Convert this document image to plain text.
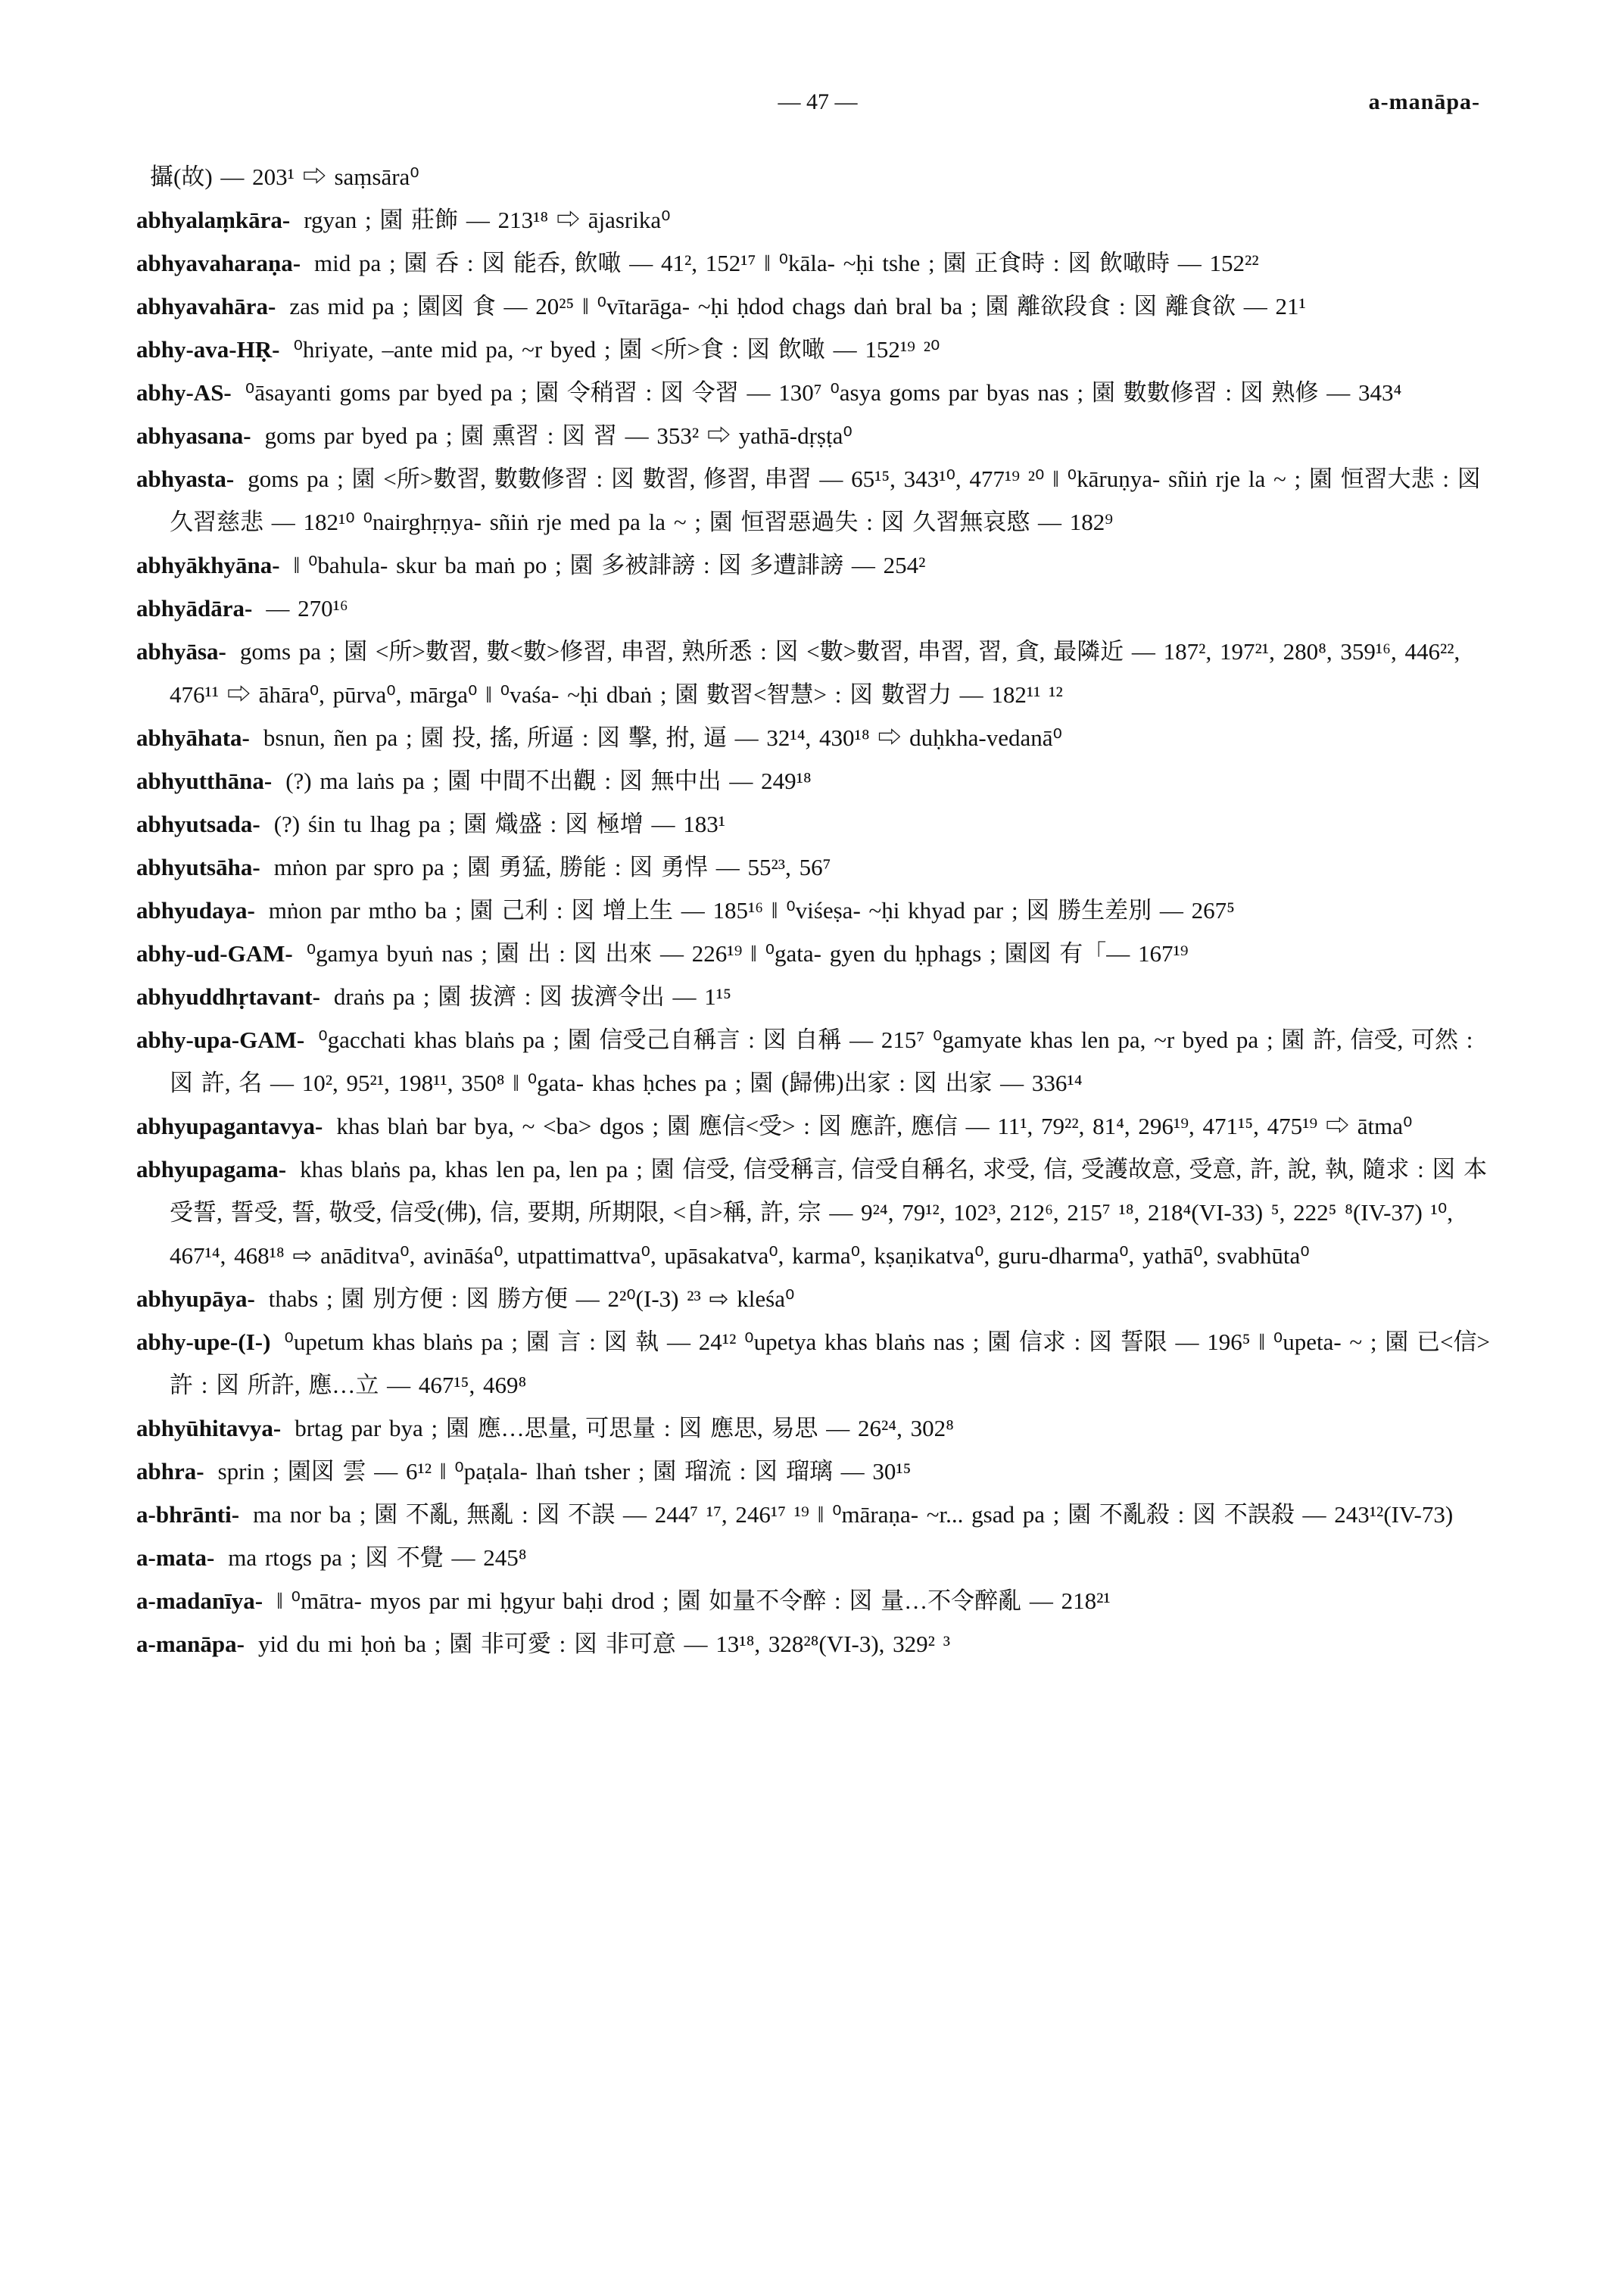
— 47 —	a-manāpa-
攝(故) — 203¹ ⇨ saṃsāra⁰
abhyalaṃkāra- rgyan ; 園 莊飾 — 213¹⁸ ⇨ ājasrika⁰
abhyavaharaṇa- mid pa ; 園 呑 : 図 能呑, 飲噉 — 41², 152¹⁷ ‖ ⁰kāla- ~ḥi tshe ; 園 正食時 : 図 飲噉時 — 152²²
abhyavahāra- zas mid pa ; 園図 食 — 20²⁵ ‖ ⁰vītarāga- ~ḥi ḥdod chags daṅ bral ba ; 園 離欲段食 : 図 離食欲 — 21¹
abhy-ava-HṚ- ⁰hriyate, –ante mid pa, ~r byed ; 園 <所>食 : 図 飲噉 — 152¹⁹ ²⁰
abhy-AS- ⁰āsayanti goms par byed pa ; 園 令稍習 : 図 令習 — 130⁷ ⁰asya goms par byas nas ; 園 數數修習 : 図 熟修 — 343⁴
abhyasana- goms par byed pa ; 園 熏習 : 図 習 — 353² ⇨ yathā-dṛṣṭa⁰
abhyasta- goms pa ; 園 <所>數習, 數數修習 : 図 數習, 修習, 串習 — 65¹⁵, 343¹⁰, 477¹⁹ ²⁰ ‖ ⁰kāruṇya- sñiṅ rje la ~ ; 園 恒習大悲 : 図 久習慈悲 — 182¹⁰ ⁰nairghṛṇya- sñiṅ rje med pa la ~ ; 園 恒習惡過失 : 図 久習無哀愍 — 182⁹
abhyākhyāna- ‖ ⁰bahula- skur ba maṅ po ; 園 多被誹謗 : 図 多遭誹謗 — 254²
abhyādāra- — 270¹⁶
abhyāsa- goms pa ; 園 <所>數習, 數<數>修習, 串習, 熟所悉 : 図 <數>數習, 串習, 習, 貪, 最隣近 — 187², 197²¹, 280⁸, 359¹⁶, 446²², 476¹¹ ⇨ āhāra⁰, pūrva⁰, mārga⁰ ‖ ⁰vaśa- ~ḥi dbaṅ ; 園 數習<智慧> : 図 數習力 — 182¹¹ ¹²
abhyāhata- bsnun, ñen pa ; 園 投, 搖, 所逼 : 図 擊, 拊, 逼 — 32¹⁴, 430¹⁸ ⇨ duḥkha-vedanā⁰
abhyutthāna- (?) ma laṅs pa ; 園 中間不出觀 : 図 無中出 — 249¹⁸
abhyutsada- (?) śin tu lhag pa ; 園 熾盛 : 図 極增 — 183¹
abhyutsāha- mṅon par spro pa ; 園 勇猛, 勝能 : 図 勇悍 — 55²³, 56⁷
abhyudaya- mṅon par mtho ba ; 園 己利 : 図 增上生 — 185¹⁶ ‖ ⁰viśeṣa- ~ḥi khyad par ; 図 勝生差別 — 267⁵
abhy-ud-GAM- ⁰gamya byuṅ nas ; 園 出 : 図 出來 — 226¹⁹ ‖ ⁰gata- gyen du ḥphags ; 園図 有「— 167¹⁹
abhyuddhṛtavant- draṅs pa ; 園 拔濟 : 図 拔濟令出 — 1¹⁵
abhy-upa-GAM- ⁰gacchati khas blaṅs pa ; 園 信受己自稱言 : 図 自稱 — 215⁷ ⁰gamyate khas len pa, ~r byed pa ; 園 許, 信受, 可然 : 図 許, 名 — 10², 95²¹, 198¹¹, 350⁸ ‖ ⁰gata- khas ḥches pa ; 園 (歸佛)出家 : 図 出家 — 336¹⁴
abhyupagantavya- khas blaṅ bar bya, ~ <ba> dgos ; 園 應信<受> : 図 應許, 應信 — 11¹, 79²², 81⁴, 296¹⁹, 471¹⁵, 475¹⁹ ⇨ ātma⁰
abhyupagama- khas blaṅs pa, khas len pa, len pa ; 園 信受, 信受稱言, 信受自稱名, 求受, 信, 受護故意, 受意, 許, 說, 執, 隨求 : 図 本受誓, 誓受, 誓, 敬受, 信受(佛), 信, 要期, 所期限, <自>稱, 許, 宗 — 9²⁴, 79¹², 102³, 212⁶, 215⁷ ¹⁸, 218⁴(VI-33) ⁵, 222⁵ ⁸(IV-37) ¹⁰, 467¹⁴, 468¹⁸ ⇨ anāditva⁰, avināśa⁰, utpattimattva⁰, upāsakatva⁰, karma⁰, kṣaṇikatva⁰, guru-dharma⁰, yathā⁰, svabhūta⁰
abhyupāya- thabs ; 園 別方便 : 図 勝方便 — 2²⁰(I-3) ²³ ⇨ kleśa⁰
abhy-upe-(I-) ⁰upetum khas blaṅs pa ; 園 言 : 図 執 — 24¹² ⁰upetya khas blaṅs nas ; 園 信求 : 図 誓限 — 196⁵ ‖ ⁰upeta- ~ ; 園 已<信>許 : 図 所許, 應…立 — 467¹⁵, 469⁸
abhyūhitavya- brtag par bya ; 園 應…思量, 可思量 : 図 應思, 易思 — 26²⁴, 302⁸
abhra- sprin ; 園図 雲 — 6¹² ‖ ⁰paṭala- lhaṅ tsher ; 園 瑠流 : 図 瑠璃 — 30¹⁵
a-bhrānti- ma nor ba ; 園 不亂, 無亂 : 図 不誤 — 244⁷ ¹⁷, 246¹⁷ ¹⁹ ‖ ⁰māraṇa- ~r... gsad pa ; 園 不亂殺 : 図 不誤殺 — 243¹²(IV-73)
a-mata- ma rtogs pa ; 図 不覺 — 245⁸
a-madanīya- ‖ ⁰mātra- myos par mi ḥgyur baḥi drod ; 園 如量不令醉 : 図 量…不令醉亂 — 218²¹
a-manāpa- yid du mi ḥoṅ ba ; 園 非可愛 : 図 非可意 — 13¹⁸, 328²⁸(VI-3), 329² ³
